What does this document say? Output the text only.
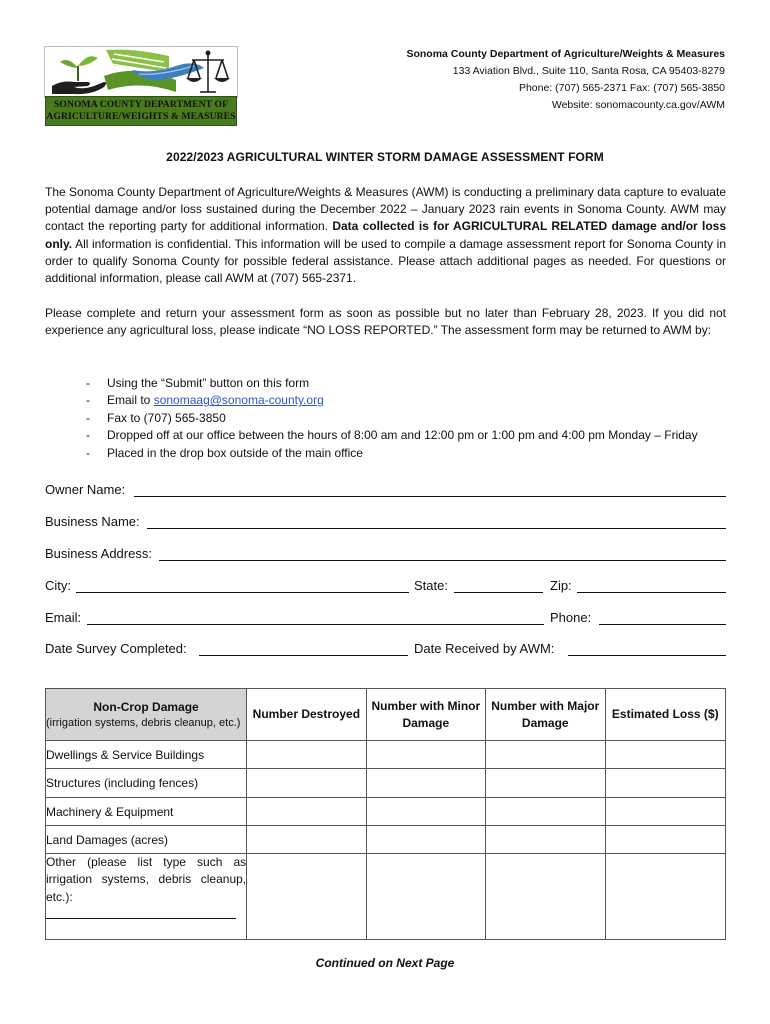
SONOMA COUNTY DEPARTMENT OF
AGRICULTURE/WEIGHTS & MEASURES
Sonoma County Department of Agriculture/Weights & Measures
133 Aviation Blvd., Suite 110, Santa Rosa, CA 95403-8279
Phone: (707) 565-2371 Fax: (707) 565-3850
Website: sonomacounty.ca.gov/AWM
2022/2023 AGRICULTURAL WINTER STORM DAMAGE ASSESSMENT FORM
The Sonoma County Department of Agriculture/Weights & Measures (AWM) is conducting a preliminary data capture to evaluate potential damage and/or loss sustained during the December 2022 – January 2023 rain events in Sonoma County. AWM may contact the reporting party for additional information. Data collected is for AGRICULTURAL RELATED damage and/or loss only. All information is confidential. This information will be used to compile a damage assessment report for Sonoma County in order to qualify Sonoma County for possible federal assistance. Please attach additional pages as needed. For questions or additional information, please call AWM at (707) 565-2371.
Please complete and return your assessment form as soon as possible but no later than February 28, 2023. If you did not experience any agricultural loss, please indicate “NO LOSS REPORTED.” The assessment form may be returned to AWM by:
-	Using the “Submit” button on this form
-	Email to
sonomaag@sonoma-county.org
-	Fax to (707) 565-3850
-	Dropped off at our office between the hours of 8:00 am and 12:00 pm or 1:00 pm and 4:00 pm Monday – Friday
-	Placed in the drop box outside of the main office
Owner Name:
Business Name:
Business Address:
City:	State:	Zip:
Email:	Phone:
Date Survey Completed:	Date Received by AWM:
Non-Crop Damage
(irrigation systems, debris cleanup, etc.)	Number Destroyed	Number with Minor Damage	Number with Major Damage	Estimated Loss ($)
Dwellings & Service Buildings				
Structures (including fences)				
Machinery & Equipment				
Land Damages (acres)				
Other (please list type such as irrigation systems, debris cleanup, etc.):

Continued on Next Page
